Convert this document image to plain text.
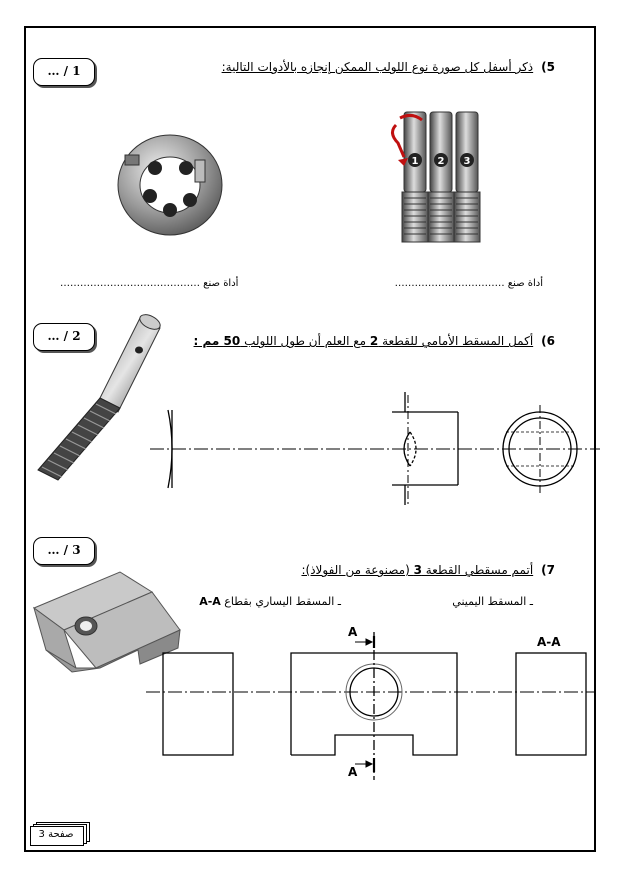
… / 1
… / 2
… / 3
5)ذكر أسفل كل صورة نوع اللولب الممكن إنجازه بالأدوات التالية:
أداة صنع ……………………………
أداة صنع ……………………………………
6)أكمل المسقط الأمامي للقطعة 2 مع العلم أن طول اللولب 50 مم :
7)أتمم مسقطي القطعة 3 (مصنوعة من الفولاذ):
ـ المسقط اليميني
ـ المسقط اليساري بقطاع A-A
1 2 3
A
A
A-A
صفحة 3
